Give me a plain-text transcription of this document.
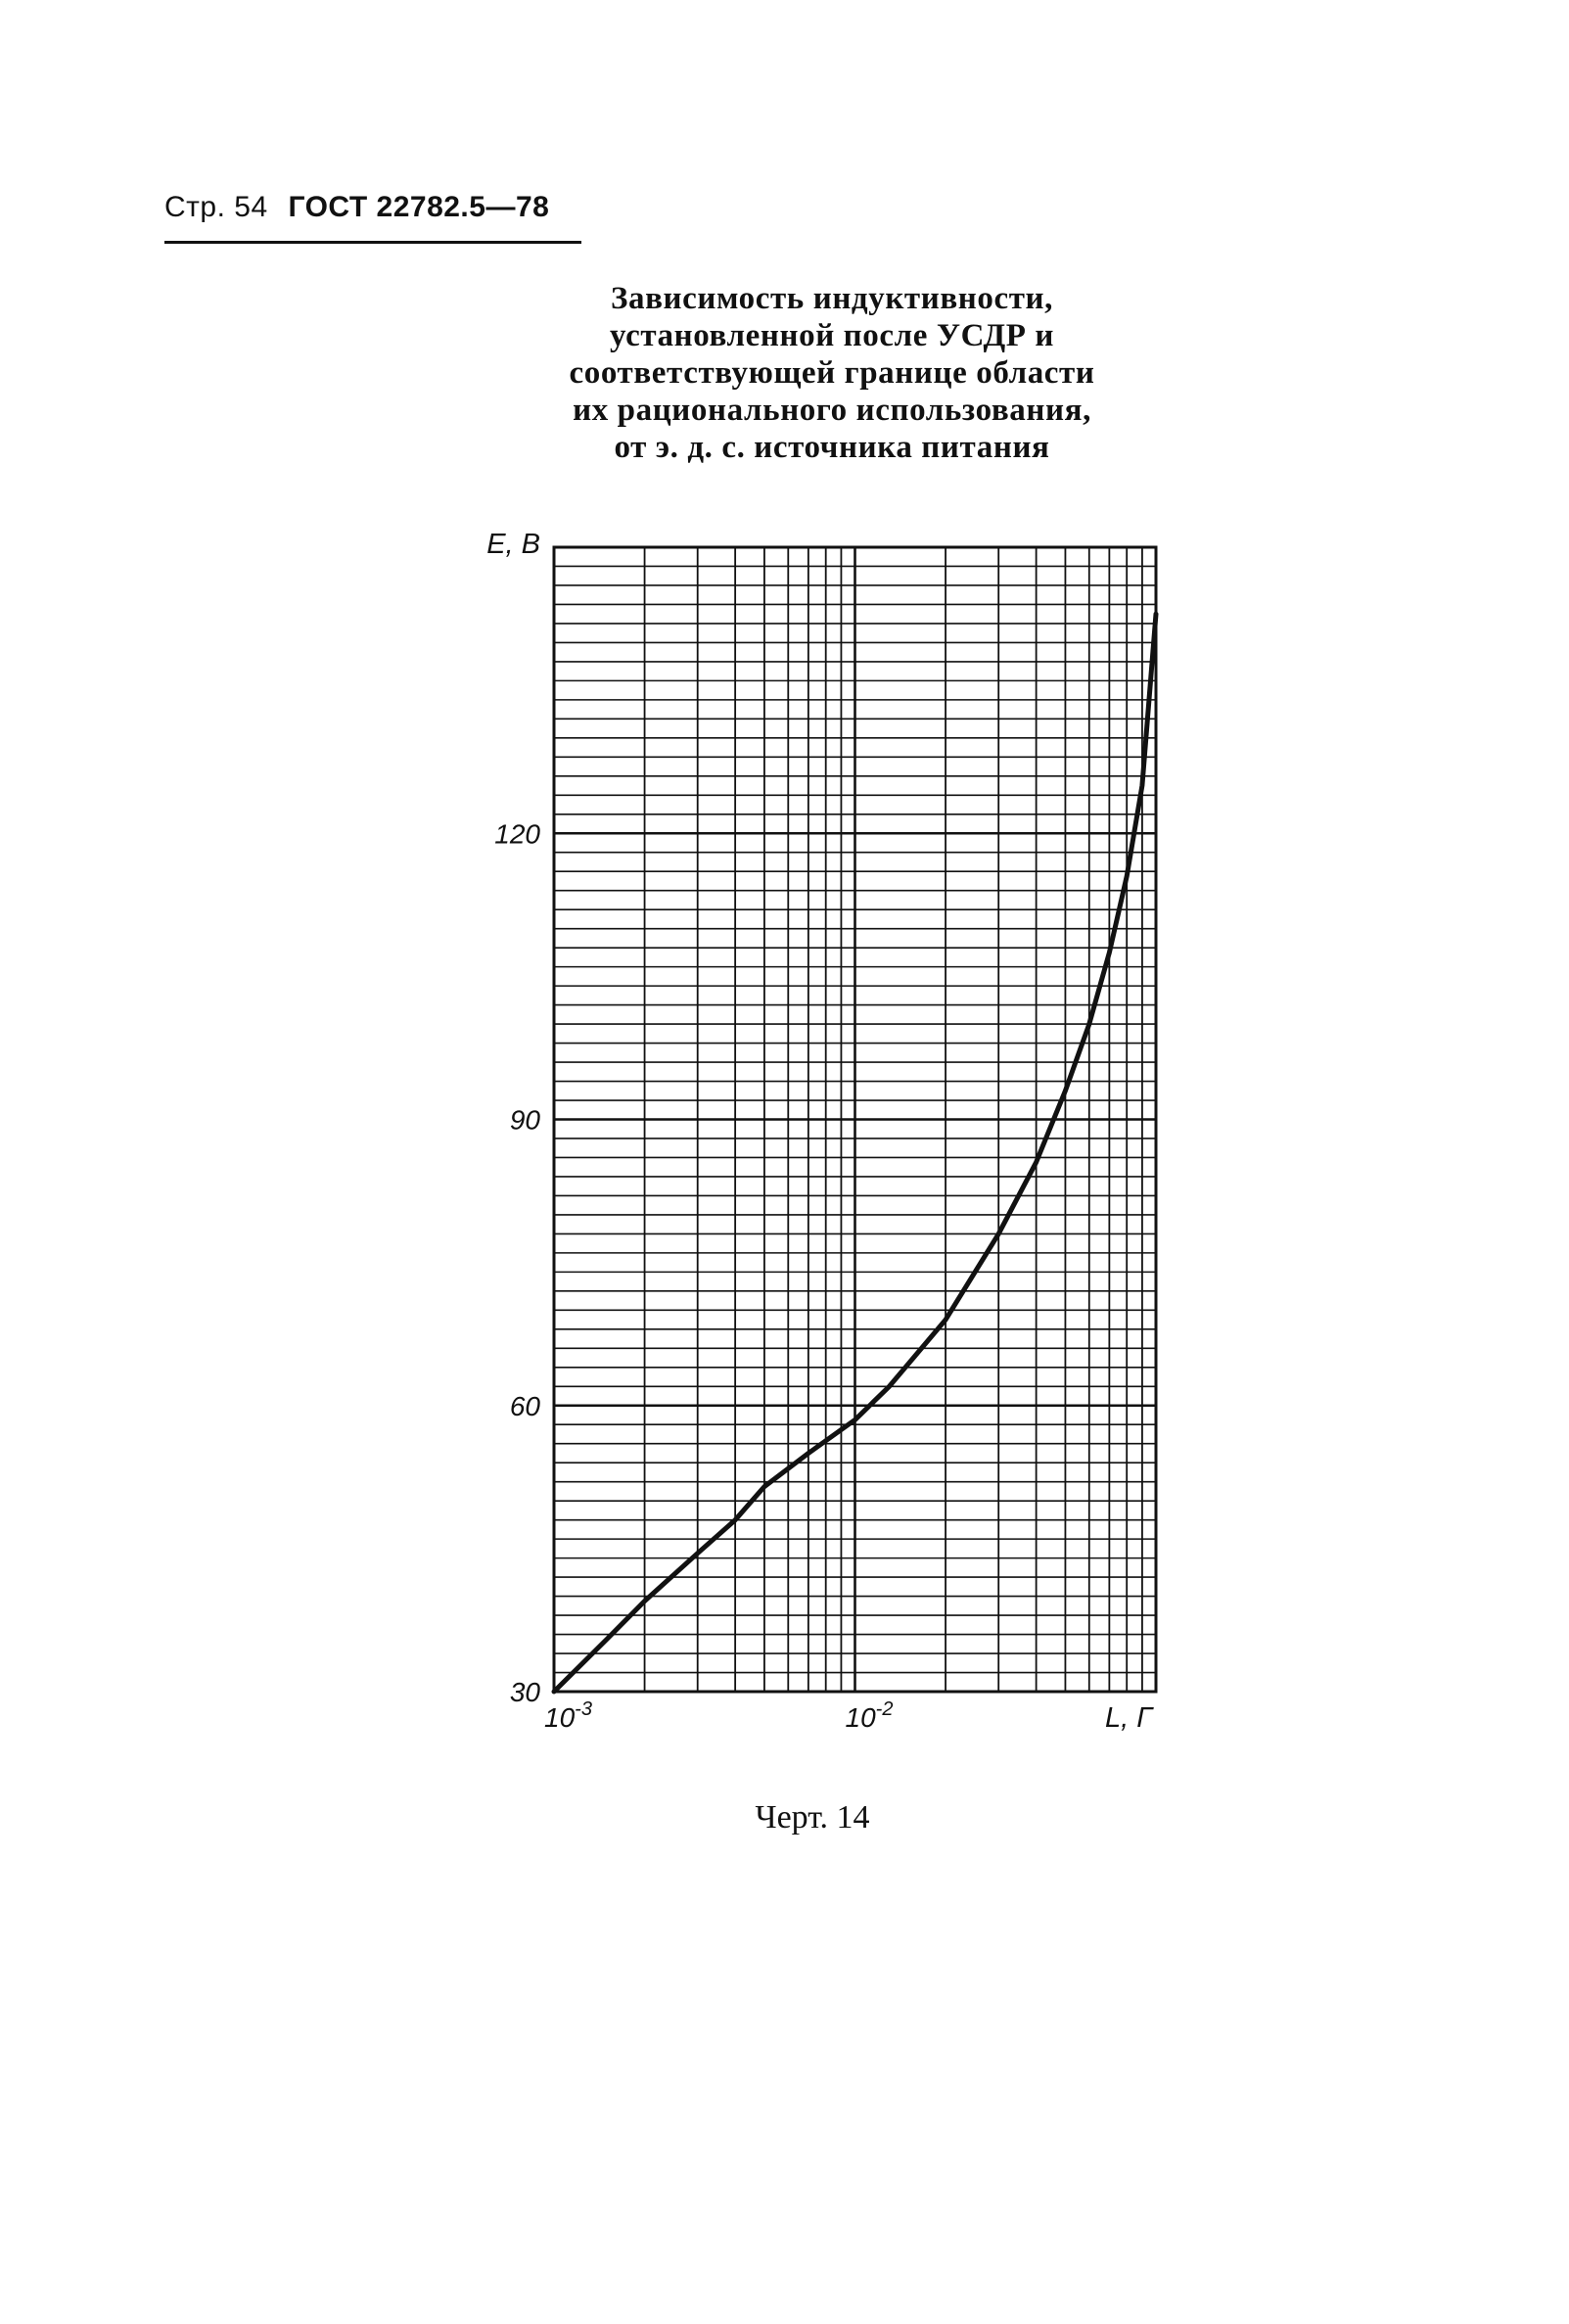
Стр. 54 ГОСТ 22782.5—78
Зависимость индуктивности,
установленной после УСДР и
соответствующей границе области
их рационального использования,
от э. д. с. источника питания
30
60
90
120
$10^{-3}$	$10^{-2}$
E, В
L, Г
Черт. 14
